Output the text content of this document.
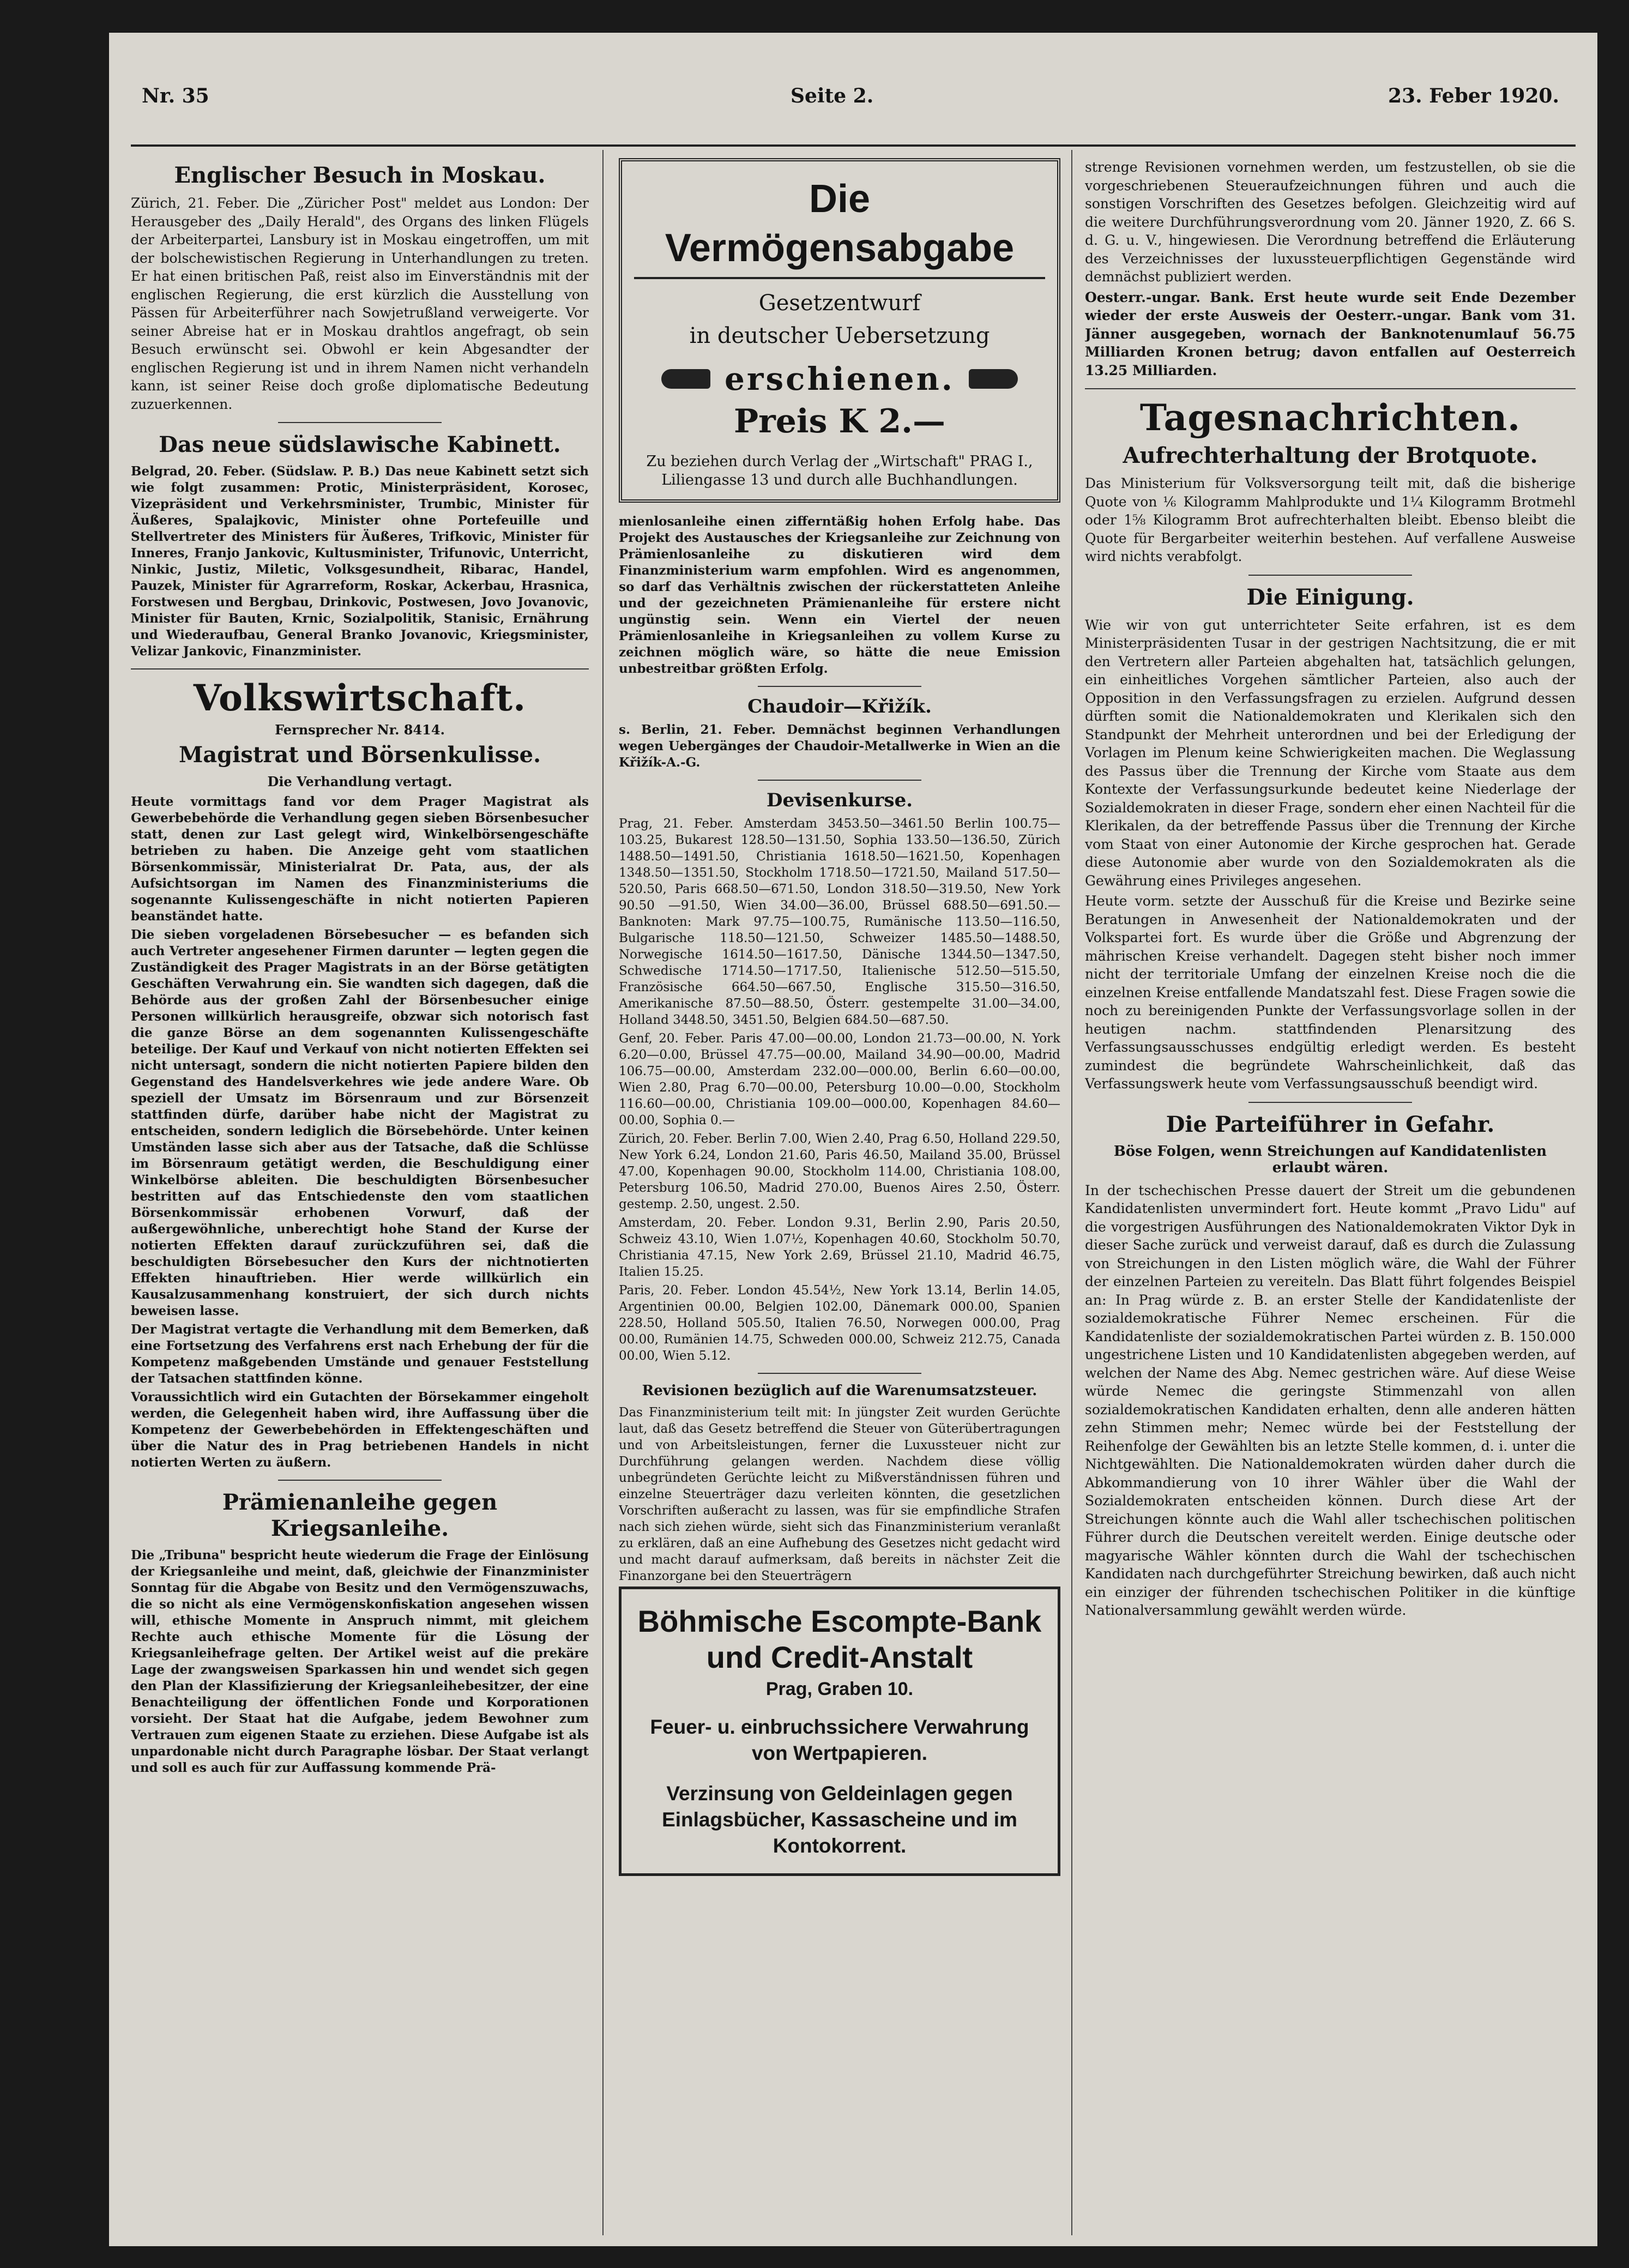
Nr. 35	Seite 2.	23. Feber 1920.
Englischer Besuch in Moskau.

Zürich, 21. Feber. Die „Züricher Post" meldet aus London: Der Herausgeber des „Daily Herald", des Organs des linken Flügels der Arbeiterpartei, Lansbury ist in Moskau eingetroffen, um mit der bolschewistischen Regierung in Unterhandlungen zu treten. Er hat einen britischen Paß, reist also im Einverständnis mit der englischen Regierung, die erst kürzlich die Ausstellung von Pässen für Arbeiterführer nach Sowjetrußland verweigerte. Vor seiner Abreise hat er in Moskau drahtlos angefragt, ob sein Besuch erwünscht sei. Obwohl er kein Abgesandter der englischen Regierung ist und in ihrem Namen nicht verhandeln kann, ist seiner Reise doch große diplomatische Bedeutung zuzuerkennen.

Das neue südslawische Kabinett.

Belgrad, 20. Feber. (Südslaw. P. B.) Das neue Kabinett setzt sich wie folgt zusammen: Protic, Ministerpräsident, Korosec, Vizepräsident und Verkehrsminister, Trumbic, Minister für Äußeres, Spalajkovic, Minister ohne Portefeuille und Stellvertreter des Ministers für Äußeres, Trifkovic, Minister für Inneres, Franjo Jankovic, Kultusminister, Trifunovic, Unterricht, Ninkic, Justiz, Miletic, Volksgesundheit, Ribarac, Handel, Pauzek, Minister für Agrarreform, Roskar, Ackerbau, Hrasnica, Forstwesen und Bergbau, Drinkovic, Postwesen, Jovo Jovanovic, Minister für Bauten, Krnic, Sozialpolitik, Stanisic, Ernährung und Wiederaufbau, General Branko Jovanovic, Kriegsminister, Velizar Jankovic, Finanzminister.

Volkswirtschaft.
Fernsprecher Nr. 8414.
Magistrat und Börsenkulisse.
Die Verhandlung vertagt.

Heute vormittags fand vor dem Prager Magistrat als Gewerbebehörde die Verhandlung gegen sieben Börsenbesucher statt, denen zur Last gelegt wird, Winkelbörsengeschäfte betrieben zu haben. Die Anzeige geht vom staatlichen Börsenkommissär, Ministerialrat Dr. Pata, aus, der als Aufsichtsorgan im Namen des Finanzministeriums die sogenannte Kulissengeschäfte in nicht notierten Papieren beanständet hatte.

Die sieben vorgeladenen Börsebesucher — es befanden sich auch Vertreter angesehener Firmen darunter — legten gegen die Zuständigkeit des Prager Magistrats in an der Börse getätigten Geschäften Verwahrung ein. Sie wandten sich dagegen, daß die Behörde aus der großen Zahl der Börsenbesucher einige Personen willkürlich herausgreife, obzwar sich notorisch fast die ganze Börse an dem sogenannten Kulissengeschäfte beteilige. Der Kauf und Verkauf von nicht notierten Effekten sei nicht untersagt, sondern die nicht notierten Papiere bilden den Gegenstand des Handelsverkehres wie jede andere Ware. Ob speziell der Umsatz im Börsenraum und zur Börsenzeit stattfinden dürfe, darüber habe nicht der Magistrat zu entscheiden, sondern lediglich die Börsebehörde. Unter keinen Umständen lasse sich aber aus der Tatsache, daß die Schlüsse im Börsenraum getätigt werden, die Beschuldigung einer Winkelbörse ableiten. Die beschuldigten Börsenbesucher bestritten auf das Entschiedenste den vom staatlichen Börsenkommissär erhobenen Vorwurf, daß der außergewöhnliche, unberechtigt hohe Stand der Kurse der notierten Effekten darauf zurückzuführen sei, daß die beschuldigten Börsebesucher den Kurs der nichtnotierten Effekten hinauftrieben. Hier werde willkürlich ein Kausalzusammenhang konstruiert, der sich durch nichts beweisen lasse.

Der Magistrat vertagte die Verhandlung mit dem Bemerken, daß eine Fortsetzung des Verfahrens erst nach Erhebung der für die Kompetenz maßgebenden Umstände und genauer Feststellung der Tatsachen stattfinden könne.

Voraussichtlich wird ein Gutachten der Börsekammer eingeholt werden, die Gelegenheit haben wird, ihre Auffassung über die Kompetenz der Gewerbebehörden in Effektengeschäften und über die Natur des in Prag betriebenen Handels in nicht notierten Werten zu äußern.

Prämienanleihe gegen Kriegsanleihe.

Die „Tribuna" bespricht heute wiederum die Frage der Einlösung der Kriegsanleihe und meint, daß, gleichwie der Finanzminister Sonntag für die Abgabe von Besitz und den Vermögenszuwachs, die so nicht als eine Vermögenskonfiskation angesehen wissen will, ethische Momente in Anspruch nimmt, mit gleichem Rechte auch ethische Momente für die Lösung der Kriegsanleihefrage gelten. Der Artikel weist auf die prekäre Lage der zwangsweisen Sparkassen hin und wendet sich gegen den Plan der Klassifizierung der Kriegsanleihebesitzer, der eine Benachteiligung der öffentlichen Fonde und Korporationen vorsieht. Der Staat hat die Aufgabe, jedem Bewohner zum Vertrauen zum eigenen Staate zu erziehen. Diese Aufgabe ist als unpardonable nicht durch Paragraphe lösbar. Der Staat verlangt und soll es auch für zur Auffassung kommende Prä-

Die Vermögensabgabe
Gesetzentwurf
in deutscher Uebersetzung
erschienen.
Preis K 2.—
Zu beziehen durch Verlag der „Wirtschaft" PRAG I., Liliengasse 13 und durch alle Buchhandlungen.

mienlosanleihe einen zifferntäßig hohen Erfolg habe. Das Projekt des Austausches der Kriegsanleihe zur Zeichnung von Prämienlosanleihe zu diskutieren wird dem Finanzministerium warm empfohlen. Wird es angenommen, so darf das Verhältnis zwischen der rückerstatteten Anleihe und der gezeichneten Prämienanleihe für erstere nicht ungünstig sein. Wenn ein Viertel der neuen Prämienlosanleihe in Kriegsanleihen zu vollem Kurse zu zeichnen möglich wäre, so hätte die neue Emission unbestreitbar größten Erfolg.

Chaudoir—Křižík.

s. Berlin, 21. Feber. Demnächst beginnen Verhandlungen wegen Uebergänges der Chaudoir-Metallwerke in Wien an die Křižík-A.-G.

Devisenkurse.

Prag, 21. Feber. Amsterdam 3453.50—3461.50 Berlin 100.75—103.25, Bukarest 128.50—131.50, Sophia 133.50—136.50, Zürich 1488.50—1491.50, Christiania 1618.50—1621.50, Kopenhagen 1348.50—1351.50, Stockholm 1718.50—1721.50, Mailand 517.50—520.50, Paris 668.50—671.50, London 318.50—319.50, New York 90.50 —91.50, Wien 34.00—36.00, Brüssel 688.50—691.50.— Banknoten: Mark 97.75—100.75, Rumänische 113.50—116.50, Bulgarische 118.50—121.50, Schweizer 1485.50—1488.50, Norwegische 1614.50—1617.50, Dänische 1344.50—1347.50, Schwedische 1714.50—1717.50, Italienische 512.50—515.50, Französische 664.50—667.50, Englische 315.50—316.50, Amerikanische 87.50—88.50, Österr. gestempelte 31.00—34.00, Holland 3448.50, 3451.50, Belgien 684.50—687.50.

Genf, 20. Feber. Paris 47.00—00.00, London 21.73—00.00, N. York 6.20—0.00, Brüssel 47.75—00.00, Mailand 34.90—00.00, Madrid 106.75—00.00, Amsterdam 232.00—000.00, Berlin 6.60—00.00, Wien 2.80, Prag 6.70—00.00, Petersburg 10.00—0.00, Stockholm 116.60—00.00, Christiania 109.00—000.00, Kopenhagen 84.60—00.00, Sophia 0.—

Zürich, 20. Feber. Berlin 7.00, Wien 2.40, Prag 6.50, Holland 229.50, New York 6.24, London 21.60, Paris 46.50, Mailand 35.00, Brüssel 47.00, Kopenhagen 90.00, Stockholm 114.00, Christiania 108.00, Petersburg 106.50, Madrid 270.00, Buenos Aires 2.50, Österr. gestemp. 2.50, ungest. 2.50.

Amsterdam, 20. Feber. London 9.31, Berlin 2.90, Paris 20.50, Schweiz 43.10, Wien 1.07½, Kopenhagen 40.60, Stockholm 50.70, Christiania 47.15, New York 2.69, Brüssel 21.10, Madrid 46.75, Italien 15.25.

Paris, 20. Feber. London 45.54½, New York 13.14, Berlin 14.05, Argentinien 00.00, Belgien 102.00, Dänemark 000.00, Spanien 228.50, Holland 505.50, Italien 76.50, Norwegen 000.00, Prag 00.00, Rumänien 14.75, Schweden 000.00, Schweiz 212.75, Canada 00.00, Wien 5.12.

Revisionen bezüglich auf die Warenumsatzsteuer.

Das Finanzministerium teilt mit: In jüngster Zeit wurden Gerüchte laut, daß das Gesetz betreffend die Steuer von Güterübertragungen und von Arbeitsleistungen, ferner die Luxussteuer nicht zur Durchführung gelangen werden. Nachdem diese völlig unbegründeten Gerüchte leicht zu Mißverständnissen führen und einzelne Steuerträger dazu verleiten könnten, die gesetzlichen Vorschriften außeracht zu lassen, was für sie empfindliche Strafen nach sich ziehen würde, sieht sich das Finanzministerium veranlaßt zu erklären, daß an eine Aufhebung des Gesetzes nicht gedacht wird und macht darauf aufmerksam, daß bereits in nächster Zeit die Finanzorgane bei den Steuerträgern

Böhmische Escompte-Bank
und Credit-Anstalt
Prag, Graben 10.
Feuer- u. einbruchssichere Verwahrung von Wertpapieren.
Verzinsung von Geldeinlagen gegen Einlagsbücher, Kassascheine und im Kontokorrent.

strenge Revisionen vornehmen werden, um festzustellen, ob sie die vorgeschriebenen Steueraufzeichnungen führen und auch die sonstigen Vorschriften des Gesetzes befolgen. Gleichzeitig wird auf die weitere Durchführungsverordnung vom 20. Jänner 1920, Z. 66 S. d. G. u. V., hingewiesen. Die Verordnung betreffend die Erläuterung des Verzeichnisses der luxussteuerpflichtigen Gegenstände wird demnächst publiziert werden.

Oesterr.-ungar. Bank. Erst heute wurde seit Ende Dezember wieder der erste Ausweis der Oesterr.-ungar. Bank vom 31. Jänner ausgegeben, wornach der Banknotenumlauf 56.75 Milliarden Kronen betrug; davon entfallen auf Oesterreich 13.25 Milliarden.

Tagesnachrichten.
Aufrechterhaltung der Brotquote.

Das Ministerium für Volksversorgung teilt mit, daß die bisherige Quote von ⅙ Kilogramm Mahlprodukte und 1¼ Kilogramm Brotmehl oder 1⅝ Kilogramm Brot aufrechterhalten bleibt. Ebenso bleibt die Quote für Bergarbeiter weiterhin bestehen. Auf verfallene Ausweise wird nichts verabfolgt.

Die Einigung.

Wie wir von gut unterrichteter Seite erfahren, ist es dem Ministerpräsidenten Tusar in der gestrigen Nachtsitzung, die er mit den Vertretern aller Parteien abgehalten hat, tatsächlich gelungen, ein einheitliches Vorgehen sämtlicher Parteien, also auch der Opposition in den Verfassungsfragen zu erzielen. Aufgrund dessen dürften somit die Nationaldemokraten und Klerikalen sich den Standpunkt der Mehrheit unterordnen und bei der Erledigung der Vorlagen im Plenum keine Schwierigkeiten machen. Die Weglassung des Passus über die Trennung der Kirche vom Staate aus dem Kontexte der Verfassungsurkunde bedeutet keine Niederlage der Sozialdemokraten in dieser Frage, sondern eher einen Nachteil für die Klerikalen, da der betreffende Passus über die Trennung der Kirche vom Staat von einer Autonomie der Kirche gesprochen hat. Gerade diese Autonomie aber wurde von den Sozialdemokraten als die Gewährung eines Privileges angesehen.

Heute vorm. setzte der Ausschuß für die Kreise und Bezirke seine Beratungen in Anwesenheit der Nationaldemokraten und der Volkspartei fort. Es wurde über die Größe und Abgrenzung der mährischen Kreise verhandelt. Dagegen steht bisher noch immer nicht der territoriale Umfang der einzelnen Kreise noch die die einzelnen Kreise entfallende Mandatszahl fest. Diese Fragen sowie die noch zu bereinigenden Punkte der Verfassungsvorlage sollen in der heutigen nachm. stattfindenden Plenarsitzung des Verfassungsausschusses endgültig erledigt werden. Es besteht zumindest die begründete Wahrscheinlichkeit, daß das Verfassungswerk heute vom Verfassungsausschuß beendigt wird.

Die Parteiführer in Gefahr.
Böse Folgen, wenn Streichungen auf Kandidatenlisten erlaubt wären.

In der tschechischen Presse dauert der Streit um die gebundenen Kandidatenlisten unvermindert fort. Heute kommt „Pravo Lidu" auf die vorgestrigen Ausführungen des Nationaldemokraten Viktor Dyk in dieser Sache zurück und verweist darauf, daß es durch die Zulassung von Streichungen in den Listen möglich wäre, die Wahl der Führer der einzelnen Parteien zu vereiteln. Das Blatt führt folgendes Beispiel an: In Prag würde z. B. an erster Stelle der Kandidatenliste der sozialdemokratische Führer Nemec erscheinen. Für die Kandidatenliste der sozialdemokratischen Partei würden z. B. 150.000 ungestrichene Listen und 10 Kandidatenlisten abgegeben werden, auf welchen der Name des Abg. Nemec gestrichen wäre. Auf diese Weise würde Nemec die geringste Stimmenzahl von allen sozialdemokratischen Kandidaten erhalten, denn alle anderen hätten zehn Stimmen mehr; Nemec würde bei der Feststellung der Reihenfolge der Gewählten bis an letzte Stelle kommen, d. i. unter die Nichtgewählten. Die Nationaldemokraten würden daher durch die Abkommandierung von 10 ihrer Wähler über die Wahl der Sozialdemokraten entscheiden können. Durch diese Art der Streichungen könnte auch die Wahl aller tschechischen politischen Führer durch die Deutschen vereitelt werden. Einige deutsche oder magyarische Wähler könnten durch die Wahl der tschechischen Kandidaten nach durchgeführter Streichung bewirken, daß auch nicht ein einziger der führenden tschechischen Politiker in die künftige Nationalversammlung gewählt werden würde.
